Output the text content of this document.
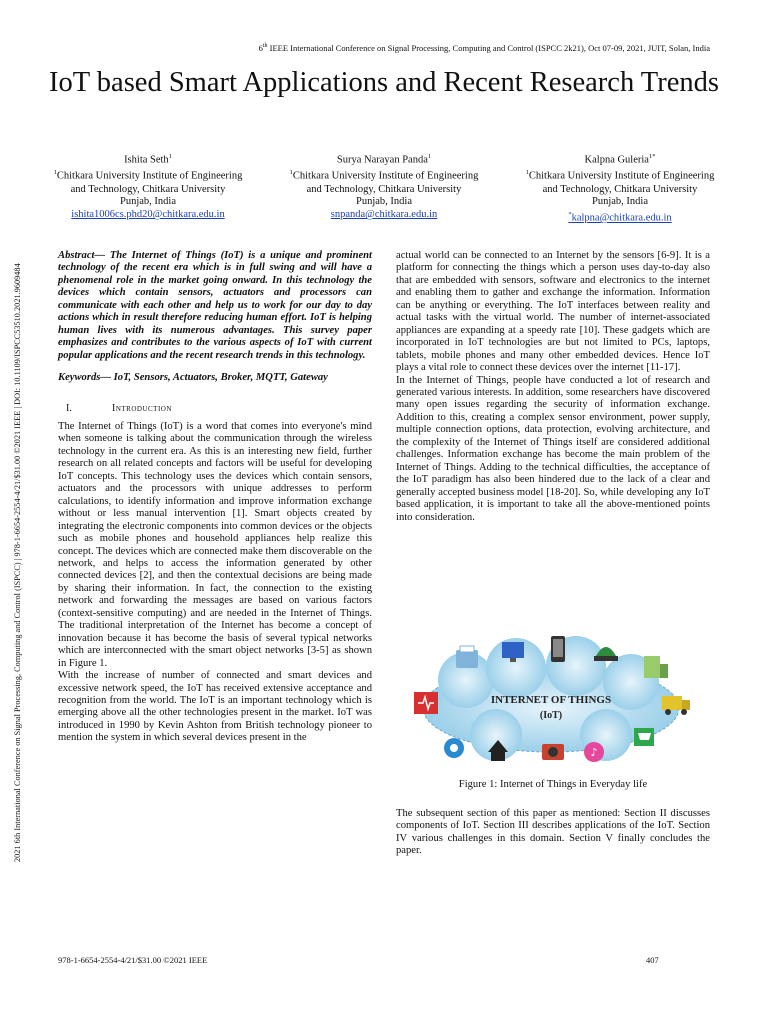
6th IEEE International Conference on Signal Processing, Computing and Control (ISPCC 2k21), Oct 07-09, 2021, JUIT, Solan, India
2021 6th International Conference on Signal Processing, Computing and Control (ISPCC) | 978-1-6654-2554-4/21/$31.00 ©2021 IEEE | DOI: 10.1109/ISPCC53510.2021.9609484
IoT based Smart Applications and Recent Research Trends
Ishita Seth$^1$
$^1$Chitkara University Institute of Engineering and Technology, Chitkara University
Punjab, India
ishita1006cs.phd20@chitkara.edu.in
Surya Narayan Panda$^1$
$^1$Chitkara University Institute of Engineering and Technology, Chitkara University
Punjab, India
snpanda@chitkara.edu.in
Kalpna Guleria$^{1*}$
$^1$Chitkara University Institute of Engineering and Technology, Chitkara University
Punjab, India
*kalpna@chitkara.edu.in

Abstract— The Internet of Things (IoT) is a unique and prominent technology of the recent era which is in full swing and will have a phenomenal role in the market going onward. In this technology the devices which contain sensors, actuators and processors can communicate with each other and help us to work for our day to day actions which in result therefore reducing human effort. IoT is helping human lives with its numerous advantages. This survey paper emphasizes and contributes to the various aspects of IoT with current popular applications and the recent research trends in this technology.

Keywords— IoT, Sensors, Actuators, Broker, MQTT, Gateway

I.	Introduction

The Internet of Things (IoT) is a word that comes into everyone's mind when someone is talking about the communication through the wireless technology in the current era. As this is an interesting new field, further research on all related concepts and factors will be useful for developing IoT concepts. This technology uses the devices which contain sensors, actuators and the processors with unique addresses to perform calculations, to identify information and improve information exchange without or less manual intervention [1]. Smart objects created by integrating the electronic components into common devices or the objects such as mobile phones and household appliances help realize this concept. The devices which are connected make them discoverable on the network, and helps to access the information generated by other connected devices [2], and then the contextual decisions are being made by sharing their information. In fact, the connection to the existing network and forwarding the messages are based on various factors (context-sensitive computing) and are needed in the Internet of Things. The traditional interpretation of the Internet has become a concept of innovation because it has become the basis of several typical networks which are interconnected with the smart object networks [3-5] as shown in Figure 1.

With the increase of number of connected and smart devices and excessive network speed, the IoT has received extensive acceptance and recognition from the world. The IoT is an important technology which is emerging above all the other technologies present in the market. IoT was introduced in 1990 by Kevin Ashton from British technology pioneer to mention the system in which several devices present in the

actual world can be connected to an Internet by the sensors [6-9]. It is a platform for connecting the things which a person uses day-to-day also that are embedded with sensors, software and electronics to the internet and enabling them to gather and exchange the information. Information can be anything or everything. The IoT interfaces between reality and actual tasks with the virtual world. The number of internet-associated appliances are expanding at a speedy rate [10]. These gadgets which are incorporated in IoT technologies are but not limited to PCs, laptops, tablets, mobile phones and many other embedded devices. Hence IoT plays a vital role to connect these devices over the internet [11-17].

In the Internet of Things, people have conducted a lot of research and generated various interests. In addition, some researchers have discovered many open issues regarding the security of information exchange. Addition to this, creating a complex sensor environment, power supply, multiple connection options, data protection, evolving architecture, and the complexity of the Internet of Things itself are considered additional challenges. Information exchange has become the main problem of the Internet of Things. Adding to the technical difficulties, the acceptance of the IoT paradigm has also been hindered due to the lack of a clear and generally accepted business model [18-20]. So, while developing any IoT based application, it is important to take all the above-mentioned points into consideration.

INTERNET OF THINGS
(IoT)
♪
Figure 1: Internet of Things in Everyday life

The subsequent section of this paper as mentioned: Section II discusses components of IoT. Section III describes applications of the IoT. Section IV various challenges in this domain. Section V finally concludes the paper.

978-1-6654-2554-4/21/$31.00 ©2021 IEEE	407
